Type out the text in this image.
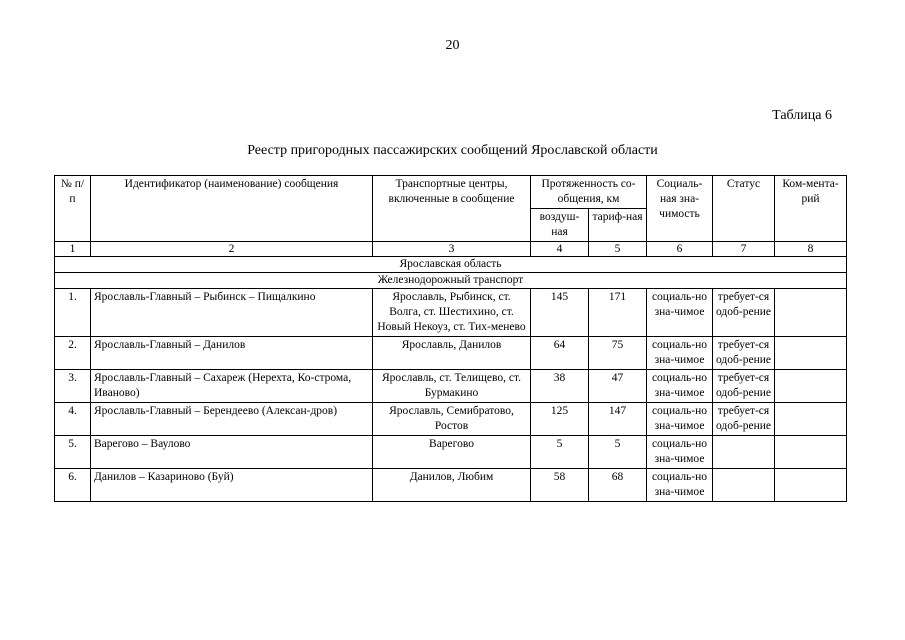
20
Таблица 6
Реестр пригородных пассажирских сообщений Ярославской области
№ п/п	Идентификатор (наименование) сообщения	Транспортные центры, включенные в сообщение	Протяженность со-общения, км		Социаль-ная зна-чимость	Статус	Ком-мента-рий
			воздуш-ная	тариф-ная			
1	2	3	4	5	6	7	8
Ярославская область							
Железнодорожный транспорт							
1.	Ярославль-Главный – Рыбинск – Пищалкино	Ярославль, Рыбинск, ст. Волга, ст. Шестихино, ст. Новый Некоуз, ст. Тих-менево	145	171	социаль-но зна-чимое	требует-ся одоб-рение	
2.	Ярославль-Главный – Данилов	Ярославль, Данилов	64	75	социаль-но зна-чимое	требует-ся одоб-рение	
3.	Ярославль-Главный – Сахареж (Нерехта, Ко-строма, Иваново)	Ярославль, ст. Телищево, ст. Бурмакино	38	47	социаль-но зна-чимое	требует-ся одоб-рение	
4.	Ярославль-Главный – Берендеево (Алексан-дров)	Ярославль, Семибратово, Ростов	125	147	социаль-но зна-чимое	требует-ся одоб-рение	
5.	Варегово – Ваулово	Варегово	5	5	социаль-но зна-чимое		
6.	Данилов – Казариново (Буй)	Данилов, Любим	58	68	социаль-но зна-чимое		
